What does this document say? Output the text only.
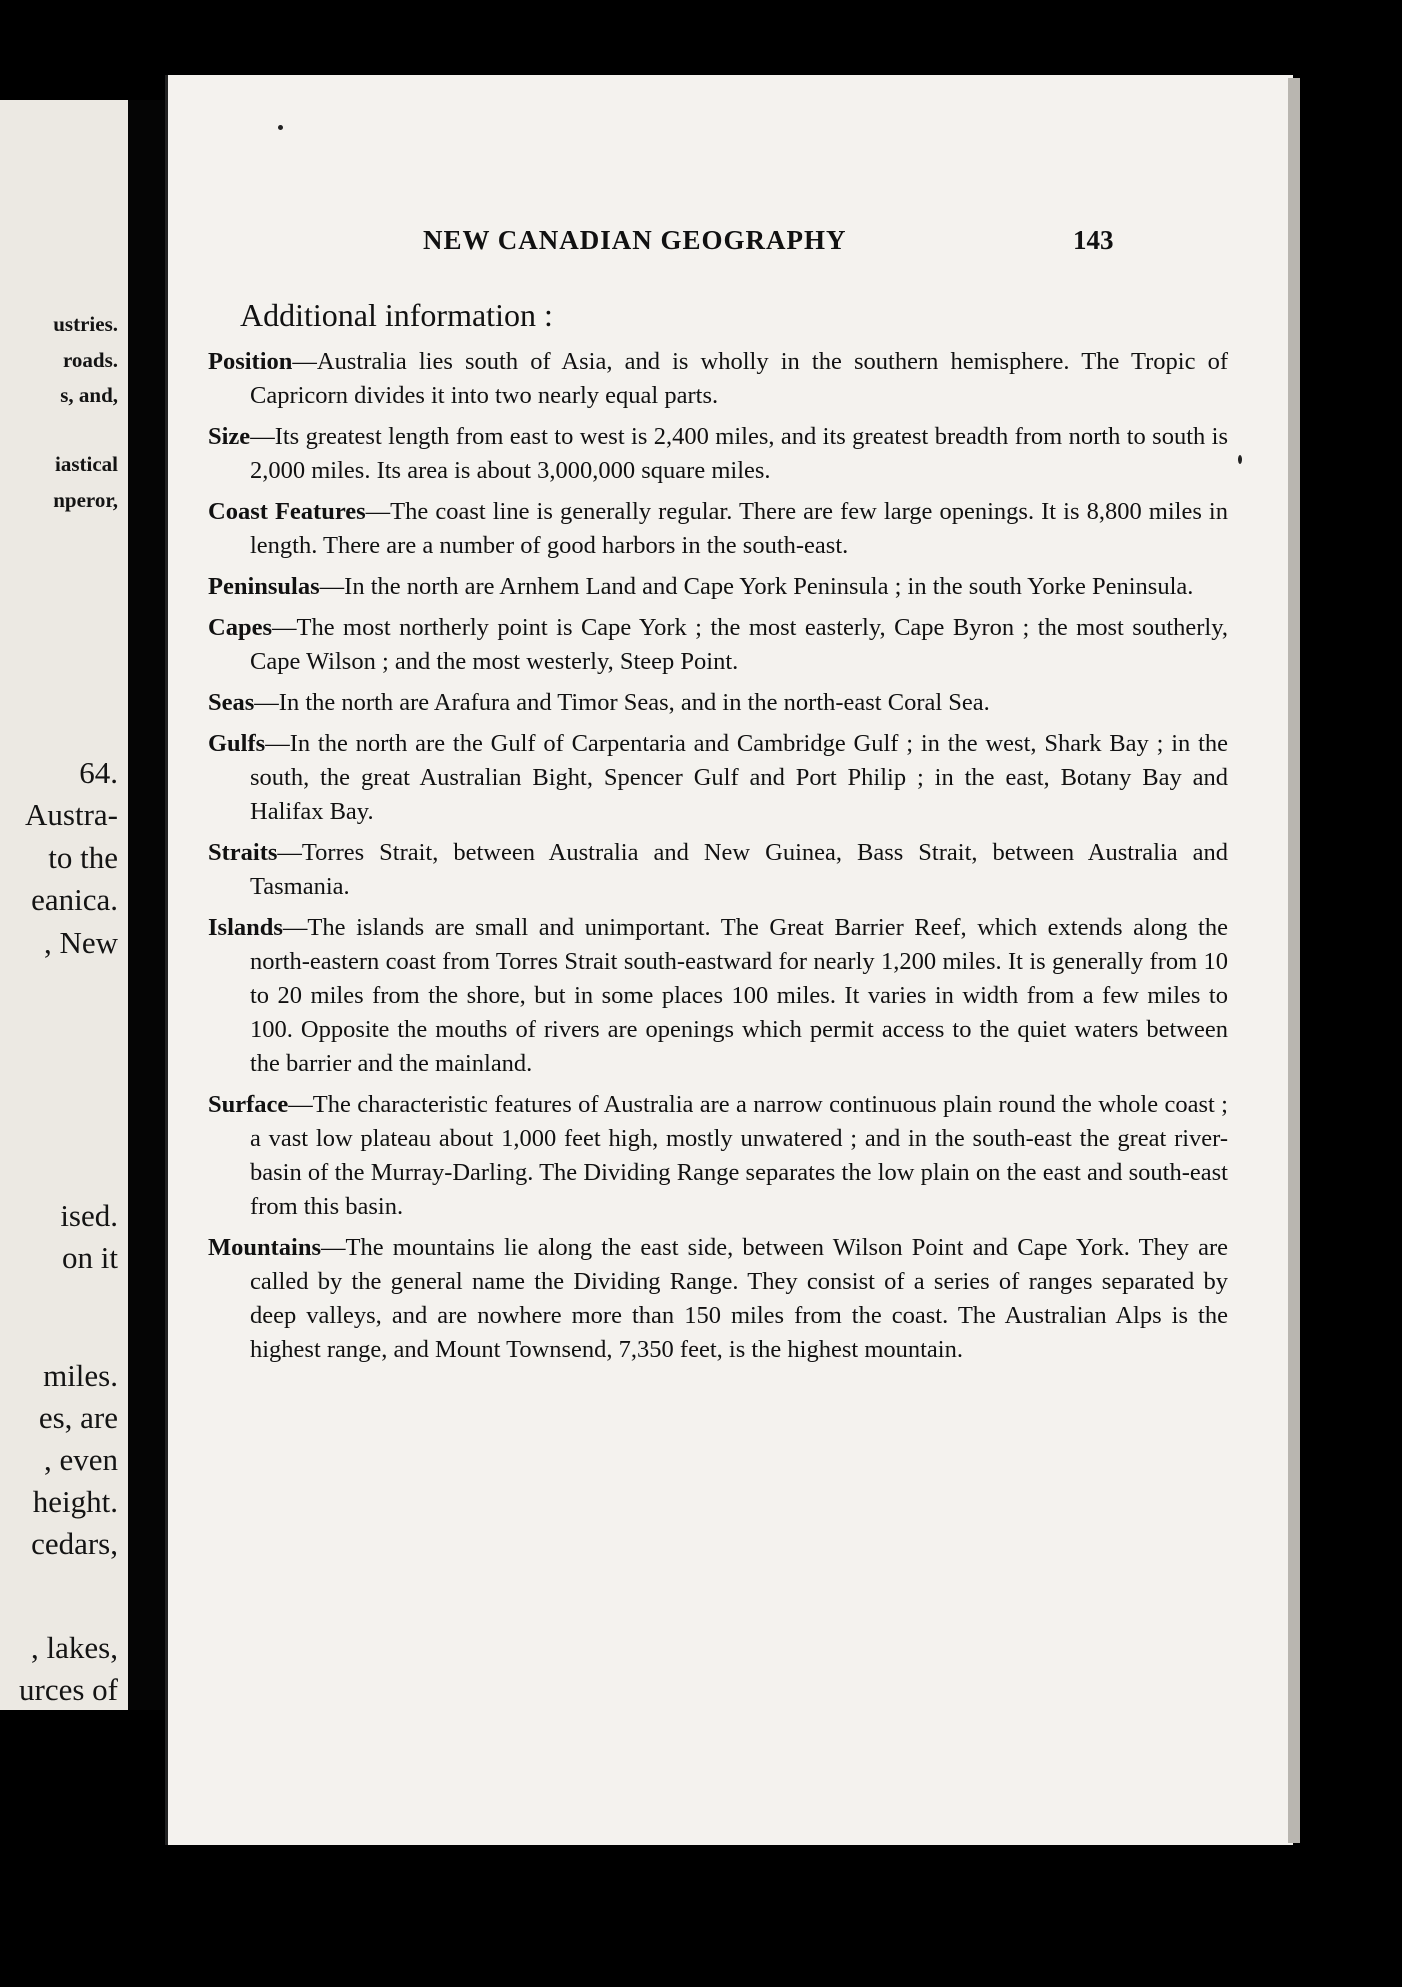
ustries.
roads.
s, and,
iastical
nperor,
64.
Austra-
to the
eanica.
, New
ised.
on it
miles.
es, are
, even
height.
cedars,
, lakes,
urces of
NEW CANADIAN GEOGRAPHY	143
Additional information :

Position—Australia lies south of Asia, and is wholly in the southern hemisphere. The Tropic of Capricorn divides it into two nearly equal parts.

Size—Its greatest length from east to west is 2,400 miles, and its greatest breadth from north to south is 2,000 miles. Its area is about 3,000,000 square miles.

Coast Features—The coast line is generally regular. There are few large openings. It is 8,800 miles in length. There are a number of good harbors in the south-east.

Peninsulas—In the north are Arnhem Land and Cape York Peninsula ; in the south Yorke Peninsula.

Capes—The most northerly point is Cape York ; the most easterly, Cape Byron ; the most southerly, Cape Wilson ; and the most westerly, Steep Point.

Seas—In the north are Arafura and Timor Seas, and in the north-east Coral Sea.

Gulfs—In the north are the Gulf of Carpentaria and Cambridge Gulf ; in the west, Shark Bay ; in the south, the great Australian Bight, Spencer Gulf and Port Philip ; in the east, Botany Bay and Halifax Bay.

Straits—Torres Strait, between Australia and New Guinea, Bass Strait, between Australia and Tasmania.

Islands—The islands are small and unimportant. The Great Barrier Reef, which extends along the north-eastern coast from Torres Strait south-eastward for nearly 1,200 miles. It is generally from 10 to 20 miles from the shore, but in some places 100 miles. It varies in width from a few miles to 100. Opposite the mouths of rivers are openings which permit access to the quiet waters between the barrier and the mainland.

Surface—The characteristic features of Australia are a narrow continuous plain round the whole coast ; a vast low plateau about 1,000 feet high, mostly unwatered ; and in the south-east the great river-basin of the Murray-Darling. The Dividing Range separates the low plain on the east and south-east from this basin.

Mountains—The mountains lie along the east side, between Wilson Point and Cape York. They are called by the general name the Dividing Range. They consist of a series of ranges separated by deep valleys, and are nowhere more than 150 miles from the coast. The Australian Alps is the highest range, and Mount Townsend, 7,350 feet, is the highest mountain.
